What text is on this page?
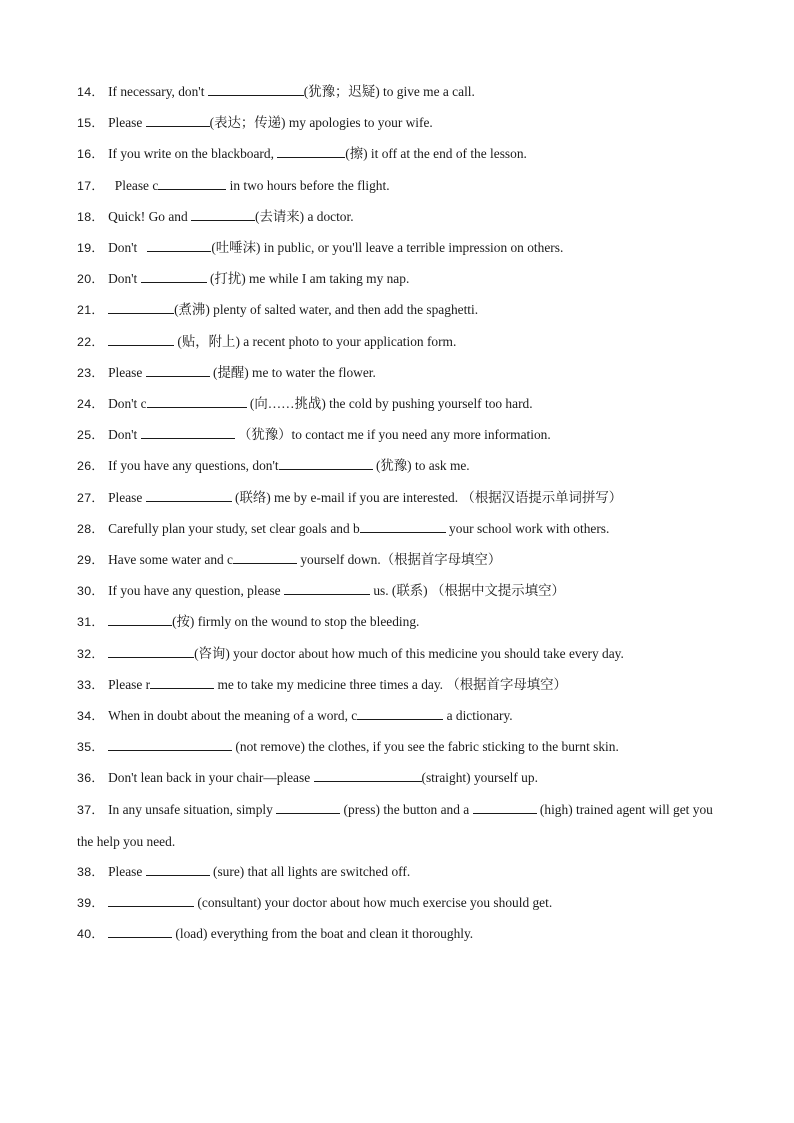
14． If necessary, don't	(犹豫；迟疑) to give me a call.
15． Please	(表达；传递) my apologies to your wife.
16． If you write on the blackboard,	(擦) it off at the end of the lesson.
17．  Please c	in two hours before the flight.
18． Quick! Go and	(去请来) a doctor.
19． Don't	(吐唾沫) in public, or you'll leave a terrible impression on others.
20． Don't	(打扰) me while I am taking my nap.
21．	(煮沸) plenty of salted water, and then add the spaghetti.
22．	(贴，附上) a recent photo to your application form.
23． Please	(提醒) me to water the flower.
24． Don't c	(向……挑战) the cold by pushing yourself too hard.
25． Don't	（犹豫）to contact me if you need any more information.
26． If you have any questions, don't	(犹豫) to ask me.
27． Please	(联络) me by e-mail if you are interested. （根据汉语提示单词拼写）
28． Carefully plan your study, set clear goals and b	your school work with others.
29． Have some water and c	yourself down.（根据首字母填空）
30． If you have any question, please	us. (联系) （根据中文提示填空）
31．	(按) firmly on the wound to stop the bleeding.
32．	(咨询) your doctor about how much of this medicine you should take every day.
33． Please r	me to take my medicine three times a day. （根据首字母填空）
34． When in doubt about the meaning of a word, c	a dictionary.
35．	(not remove) the clothes, if you see the fabric sticking to the burnt skin.
36． Don't lean back in your chair—please	(straight) yourself up.
37． In any unsafe situation, simply	(press) the button and a	(high) trained agent will get you the help you need.
38． Please	(sure) that all lights are switched off.
39．	(consultant) your doctor about how much exercise you should get.
40．	(load) everything from the boat and clean it thoroughly.
